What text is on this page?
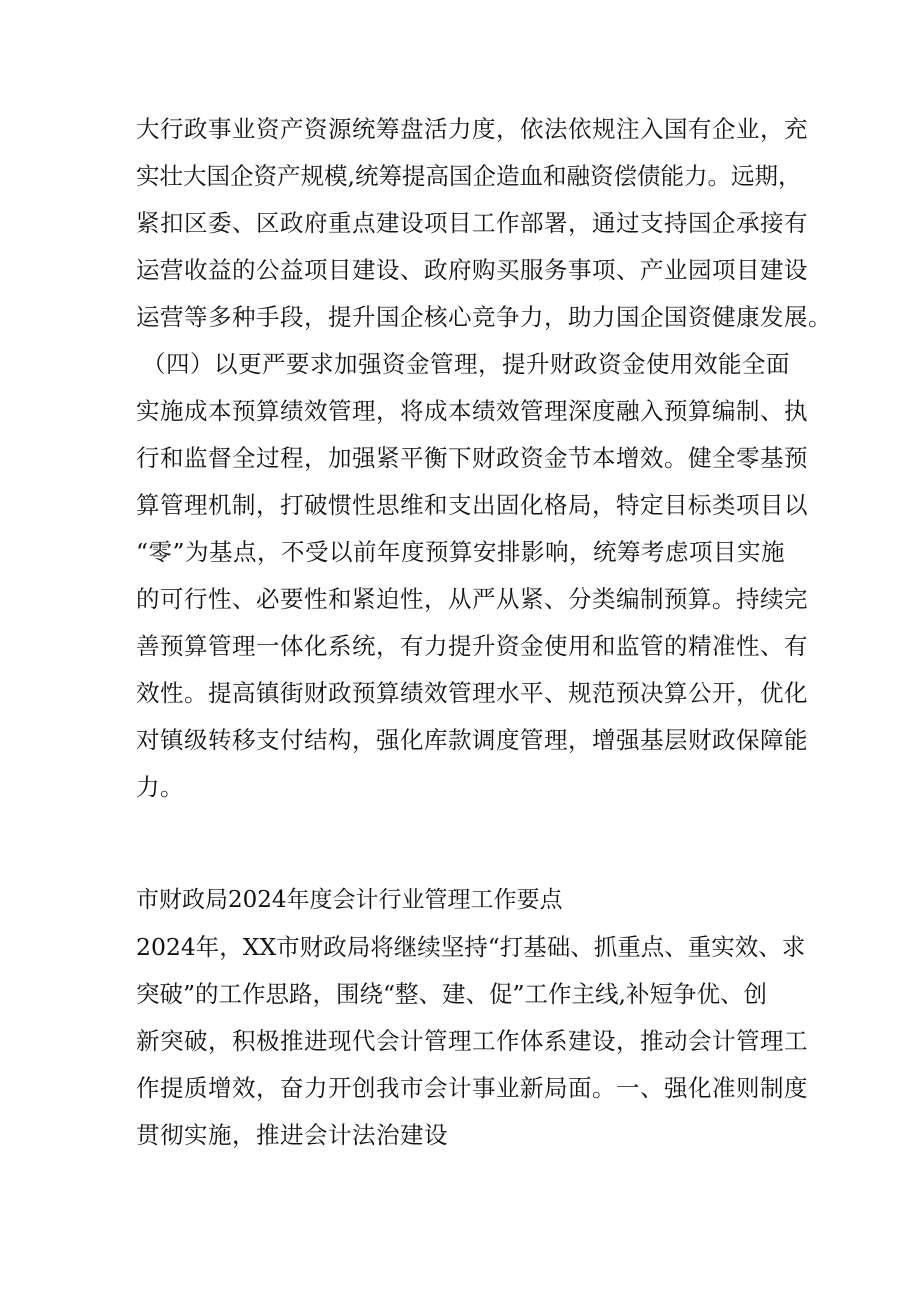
大行政事业资产资源统筹盘活力度，依法依规注入国有企业，充
实壮大国企资产规模,统筹提高国企造血和融资偿债能力。远期，
紧扣区委、区政府重点建设项目工作部署，通过支持国企承接有
运营收益的公益项目建设、政府购买服务事项、产业园项目建设
运营等多种手段，提升国企核心竞争力，助力国企国资健康发展。
（四）以更严要求加强资金管理，提升财政资金使用效能全面
实施成本预算绩效管理，将成本绩效管理深度融入预算编制、执
行和监督全过程，加强紧平衡下财政资金节本增效。健全零基预
算管理机制，打破惯性思维和支出固化格局，特定目标类项目以
“零”为基点，不受以前年度预算安排影响，统筹考虑项目实施
的可行性、必要性和紧迫性，从严从紧、分类编制预算。持续完
善预算管理一体化系统，有力提升资金使用和监管的精准性、有
效性。提高镇街财政预算绩效管理水平、规范预决算公开，优化
对镇级转移支付结构，强化库款调度管理，增强基层财政保障能
力。
市财政局2024年度会计行业管理工作要点
2024年，XX市财政局将继续坚持“打基础、抓重点、重实效、求
突破”的工作思路，围绕“整、建、促”工作主线,补短争优、创
新突破，积极推进现代会计管理工作体系建设，推动会计管理工
作提质增效，奋力开创我市会计事业新局面。一、强化准则制度
贯彻实施，推进会计法治建设
